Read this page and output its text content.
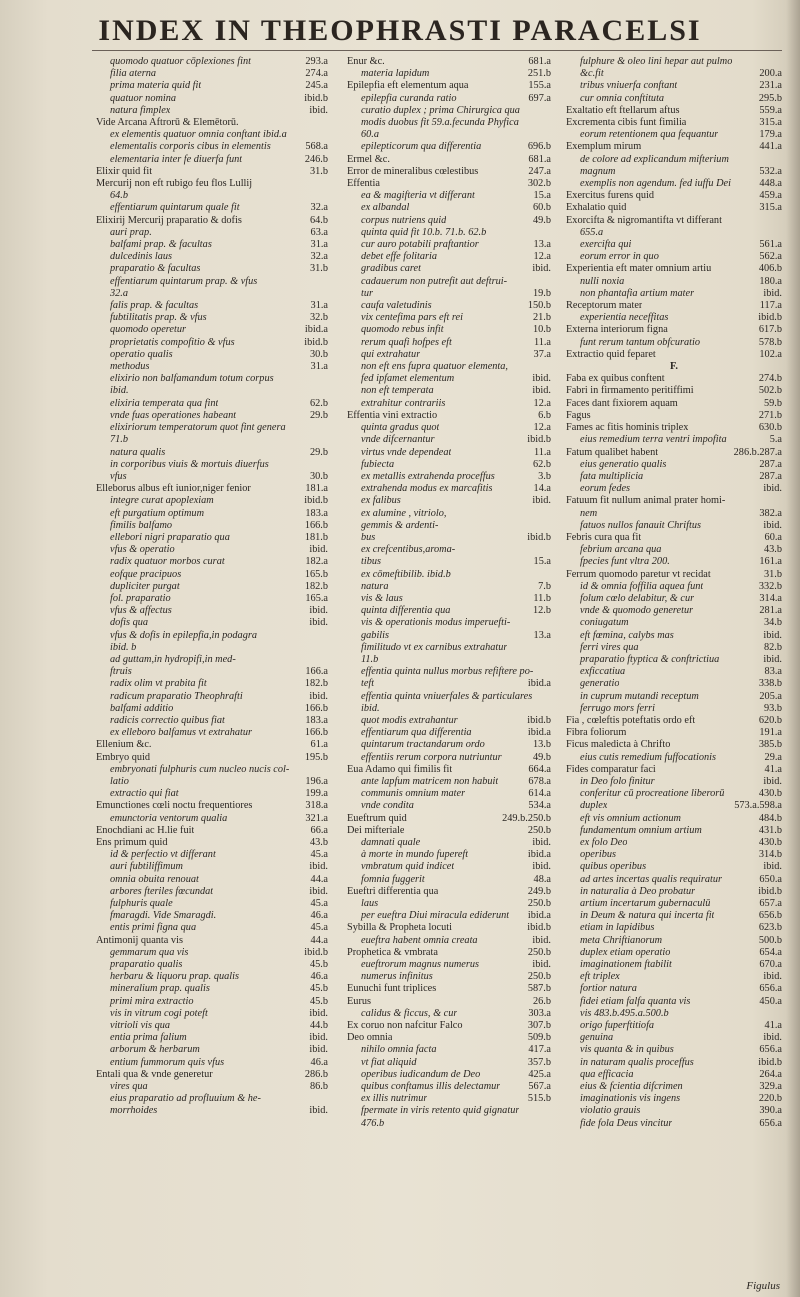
INDEX IN THEOPHRASTI PARACELSI
quomodo quatuor cōplexiones fint	293.a
filia aterna	274.a
prima materia quid fit	245.a
quatuor nomina	ibid.b
natura fimplex	ibid.
Vide Arcana Aftrorū & Elemētorū.
ex elementis quatuor omnia conftant ibid.a
elementalis corporis cibus in elementis	568.a
elementaria inter fe diuerfa funt	246.b
Elixir quid fit	31.b
Mercurij non eft rubigo feu flos Lullij
64.b
effentiarum quintarum quale fit	32.a
Elixirij Mercurij praparatio & dofis	64.b
auri prap.	63.a
balfami prap. & facultas	31.a
dulcedinis laus	32.a
praparatio & facultas	31.b
effentiarum quintarum prap. & vfus
32.a
falis prap. & facultas	31.a
fubtilitatis prap. & vfus	32.b
quomodo operetur	ibid.a
proprietatis compofitio & vfus	ibid.b
operatio qualis	30.b
methodus	31.a
elixirio non balfamandum totum corpus
ibid.
elixiria temperata qua fint	62.b
vnde fuas operationes habeant	29.b
elixiriorum temperatorum quot fint genera
71.b
natura qualis	29.b
in corporibus viuis & mortuis diuerfus
vfus	30.b
Elleborus albus eft iunior,niger fenior	181.a
integre curat apoplexiam	ibid.b
eft purgatium optimum	183.a
fimilis balfamo	166.b
ellebori nigri praparatio qua	181.b
vfus & operatio	ibid.
radix quatuor morbos curat	182.a
eofque pracipuos	165.b
dupliciter purgat	182.b
fol. praparatio	165.a
vfus & affectus	ibid.
dofis qua	ibid.
vfus & dofis in epilepfia,in podagra
ibid. b
ad guttam,in hydropifi,in med-
ftruis	166.a
radix olim vt prabita fit	182.b
radicum praparatio Theophrafti	ibid.
balfami additio	166.b
radicis correctio quibus fiat	183.a
ex elleboro balfamus vt extrahatur	166.b
Ellenium &c.	61.a
Embryo quid	195.b
embryonati fulphuris cum nucleo nucis col-
latio	196.a
extractio qui fiat	199.a
Emunctiones cœli noctu frequentiores	318.a
emunctoria ventorum qualia	321.a
Enochdiani ac H.lie fuit	66.a
Ens primum quid	43.b
id & perfectio vt differant	45.a
auri fubtiliffimum	ibid.
omnia obuita renouat	44.a
arbores fteriles fœcundat	ibid.
fulphuris quale	45.a
fmaragdi. Vide Smaragdi.	46.a
entis primi figna qua	45.a
Antimonij quanta vis	44.a
gemmarum qua vis	ibid.b
praparatio qualis	45.b
herbaru & liquoru prap. qualis	46.a
mineralium prap. qualis	45.b
primi mira extractio	45.b
vis in vitrum cogi poteft	ibid.
vitrioli vis qua	44.b
entia prima falium	ibid.
arborum & herbarum	ibid.
entium fummorum quis vfus	46.a
Entali qua & vnde generetur	286.b
vires qua	86.b
eius praparatio ad profluuium & he-
morrhoides	ibid.
Enur &c.	681.a
materia lapidum	251.b
Epilepfia eft elementum aqua	155.a
epilepfia curanda ratio	697.a
curatio duplex ; prima Chirurgica qua
modis duobus fit 59.a.fecunda Phyfica
60.a
epilepticorum qua differentia	696.b
Ermel &c.	681.a
Error de mineralibus cœlestibus	247.a
Effentia	302.b
ea & magifteria vt differant	15.a
ex albandal	60.b
corpus nutriens quid	49.b
quinta quid fit 10.b. 71.b. 62.b
cur auro potabili praftantior	13.a
debet effe folitaria	12.a
gradibus caret	ibid.
cadauerum non putrefit aut deftrui-
tur	19.b
caufa valetudinis	150.b
vix centefima pars eft rei	21.b
quomodo rebus infit	10.b
rerum quafi hofpes eft	11.a
qui extrahatur	37.a
non eft ens fupra quatuor elementa,
fed ipfamet elementum	ibid.
non eft temperata	ibid.
extrahitur contrariis	12.a
Effentia vini extractio	6.b
quinta gradus quot	12.a
vnde difcernantur	ibid.b
virtus vnde dependeat	11.a
fubiecta	62.b
ex metallis extrahenda proceffus	3.b
extrahenda modus ex marcafitis	14.a
ex falibus	ibid.
ex alumine , vitriolo,
gemmis & ardenti-
bus	ibid.b
ex crefcentibus,aroma-
tibus	15.a
ex cōmeftibilib. ibid.b
natura	7.b
vis & laus	11.b
quinta differentia qua	12.b
vis & operationis modus imperuefti-
gabilis	13.a
fimilitudo vt ex carnibus extrahatur
11.b
effentia quinta nullus morbus refiftere po-
teft	ibid.a
effentia quinta vniuerfales & particulares
ibid.
quot modis extrahantur	ibid.b
effentiarum qua differentia	ibid.a
quintarum tractandarum ordo	13.b
effentiis rerum corpora nutriuntur	49.b
Eua Adamo qui fimilis fit	664.a
ante lapfum matricem non habuit	678.a
communis omnium mater	614.a
vnde condita	534.a
Eueftrum quid	249.b.250.b
Dei mifteriale	250.b
damnati quale	ibid.
à morte in mundo fupereft	ibid.a
vmbratum quid indicet	ibid.
fomnia fuggerit	48.a
Eueftri differentia qua	249.b
laus	250.b
per eueftra Diui miracula ediderunt	ibid.a
Sybilla & Propheta locuti	ibid.b
eueftra habent omnia creata	ibid.
Prophetica & vmbrata	250.b
eueftrorum magnus numerus	ibid.
numerus infinitus	250.b
Eunuchi funt triplices	587.b
Eurus	26.b
calidus & ficcus, & cur	303.a
Ex coruo non nafcitur Falco	307.b
Deo omnia	509.b
nihilo omnia facta	417.a
vt fiat aliquid	357.b
operibus iudicandum de Deo	425.a
quibus conftamus illis delectamur	567.a
ex illis nutrimur	515.b
fpermate in viris retento quid gignatur
476.b
fulphure & oleo lini hepar aut pulmo
&c.fit	200.a
tribus vniuerfa conftant	231.a
cur omnia conftituta	295.b
Exaltatio eft ftellarum aftus	559.a
Excrementa cibis funt fimilia	315.a
eorum retentionem qua fequantur	179.a
Exemplum mirum	441.a
de colore ad explicandum mifterium
magnum	532.a
exemplis non agendum. fed iuffu Dei	448.a
Exercitus furens quid	459.a
Exhalatio quid	315.a
Exorcifta & nigromantifta vt differant
655.a
exercifta qui	561.a
eorum error in quo	562.a
Experientia eft mater omnium artiu	406.b
nulli noxia	180.a
non phantafia artium mater	ibid.
Receptorum mater	117.a
experientia neceffitas	ibid.b
Externa interiorum figna	617.b
funt rerum tantum obfcuratio	578.b
Extractio quid feparet	102.a
F.
Faba ex quibus conftent	274.b
Fabri in firmamento peritiffimi	502.b
Faces dant fixiorem aquam	59.b
Fagus	271.b
Fames ac fitis hominis triplex	630.b
eius remedium terra ventri impofita	5.a
Fatum qualibet habent	286.b.287.a
eius generatio qualis	287.a
fata multiplicia	287.a
eorum fedes	ibid.
Fatuum fit nullum animal prater homi-
nem	382.a
fatuos nullos fanauit Chriftus	ibid.
Febris cura qua fit	60.a
febrium arcana qua	43.b
fpecies funt vltra 200.	161.a
Ferrum quomodo paretur vt recidat	31.b
id & omnia foffilia aquea funt	332.b
folum cœlo delabitur, & cur	314.a
vnde & quomodo generetur	281.a
coniugatum	34.b
eft fœmina, calybs mas	ibid.
ferri vires qua	82.b
praparatio ftyptica & conftrictiua	ibid.
exficcatiua	83.a
generatio	338.b
in cuprum mutandi receptum	205.a
ferrugo mors ferri	93.b
Fia , cœleftis poteftatis ordo eft	620.b
Fibra foliorum	191.a
Ficus maledicta à Chrifto	385.b
eius cutis remedium fuffocationis	29.a
Fides comparatur faci	41.a
in Deo folo finitur	ibid.
conferitur cū procreatione liberorū	430.b
duplex	573.a.598.a
eft vis omnium actionum	484.b
fundamentum omnium artium	431.b
ex folo Deo	430.b
operibus	314.b
quibus operibus	ibid.
ad artes incertas qualis requiratur	650.a
in naturalia à Deo probatur	ibid.b
artium incertarum gubernaculū	657.a
in Deum & natura qui incerta fit	656.b
etiam in lapidibus	623.b
meta Chriftianorum	500.b
duplex etiam operatio	654.a
imaginationem ftabilit	670.a
eft triplex	ibid.
fortior natura	656.a
fidei etiam falfa quanta vis	450.a
vis 483.b.495.a.500.b
origo fuperftitiofa	41.a
genuina	ibid.
vis quanta & in quibus	656.a
in naturam qualis proceffus	ibid.b
qua efficacia	264.a
eius & fcientia difcrimen	329.a
imaginationis vis ingens	220.b
violatio grauis	390.a
fide fola Deus vincitur	656.a
Figulus
